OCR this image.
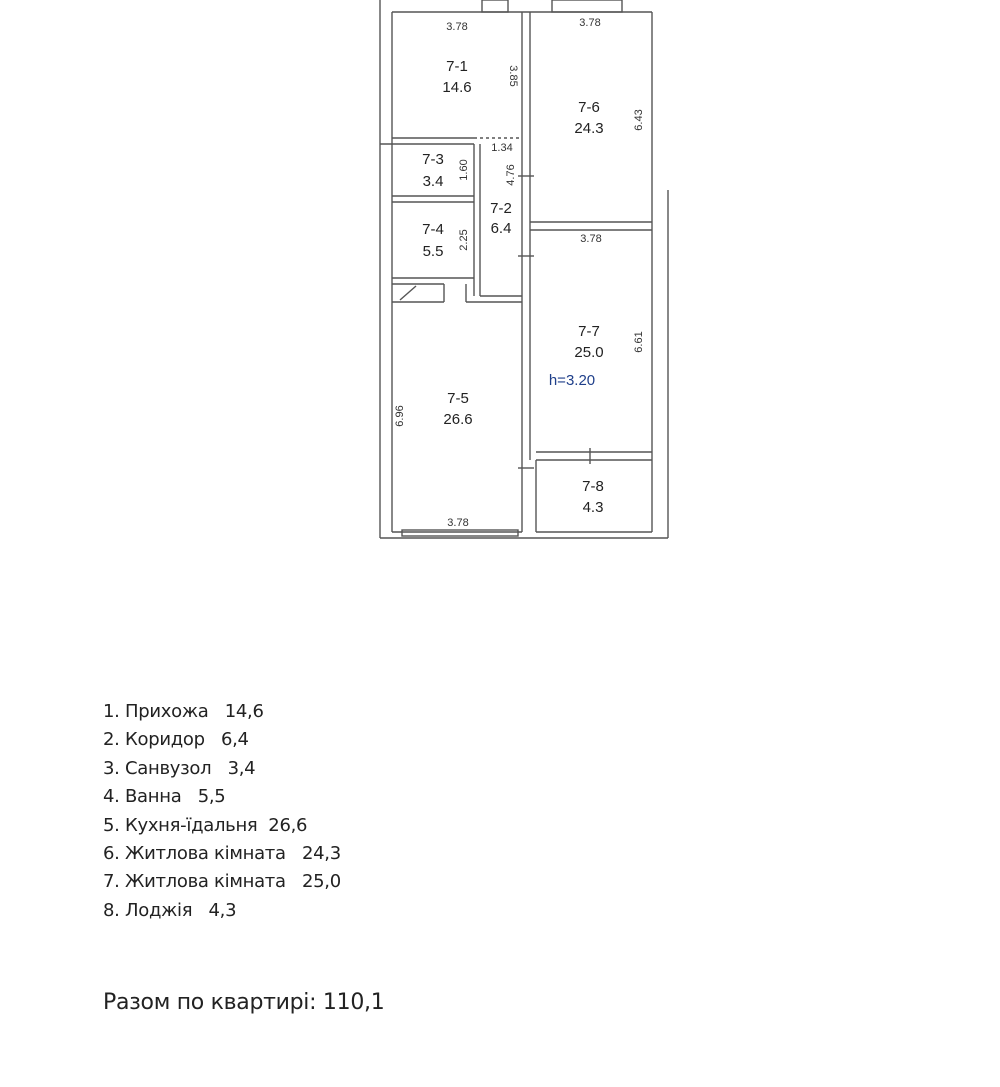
7-1
14.6
7-6
24.3
7-3
3.4
7-2
6.4
7-4
5.5
7-7
25.0
h=3.20
7-5
26.6
7-8
4.3
3.78
3.85
3.78
6.43
1.34
4.76
1.60
2.25	3.78
6.61
6.96
3.78
1. Прихожа   14,6
2. Коридор   6,4
3. Санвузол   3,4
4. Ванна   5,5
5. Кухня-їдальня  26,6
6. Житлова кімната   24,3
7. Житлова кімната   25,0
8. Лоджія   4,3
Разом по квартирі: 110,1
